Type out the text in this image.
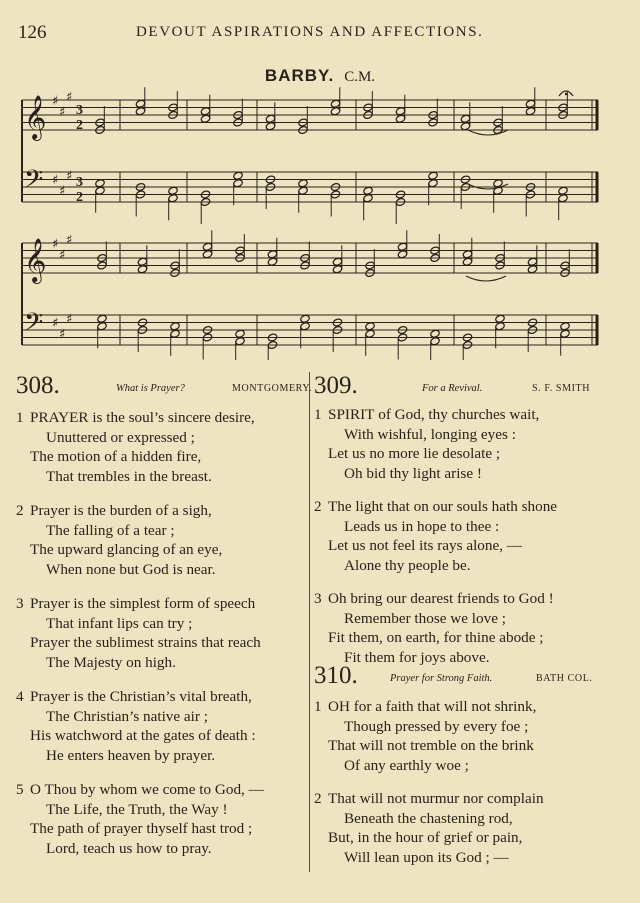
126	DEVOUT ASPIRATIONS AND AFFECTIONS.
BARBY. C.M.
𝄞 ♯
♯
♯
3
2
𝄢 ♯
♯
♯ 3
2
𝄞 ♯
♯
♯
𝄢 ♯
♯
♯
308.	What is Prayer?	MONTGOMERY.
1 PRAYER is the soul’s sincere desire,
Unuttered or expressed ;
The motion of a hidden fire,
That trembles in the breast.
2 Prayer is the burden of a sigh,
The falling of a tear ;
The upward glancing of an eye,
When none but God is near.
3 Prayer is the simplest form of speech
That infant lips can try ;
Prayer the sublimest strains that reach
The Majesty on high.
4 Prayer is the Christian’s vital breath,
The Christian’s native air ;
His watchword at the gates of death :
He enters heaven by prayer.
5 O Thou by whom we come to God, —
The Life, the Truth, the Way !
The path of prayer thyself hast trod ;
Lord, teach us how to pray.
309.	For a Revival.	S. F. SMITH
310.	Prayer for Strong Faith.	BATH COL.
1 SPIRIT of God, thy churches wait,
With wishful, longing eyes :
Let us no more lie desolate ;
Oh bid thy light arise !
2 The light that on our souls hath shone
Leads us in hope to thee :
Let us not feel its rays alone, —
Alone thy people be.
3 Oh bring our dearest friends to God !
Remember those we love ;
Fit them, on earth, for thine abode ;
Fit them for joys above.
1 OH for a faith that will not shrink,
Though pressed by every foe ;
That will not tremble on the brink
Of any earthly woe ;
2 That will not murmur nor complain
Beneath the chastening rod,
But, in the hour of grief or pain,
Will lean upon its God ; —
